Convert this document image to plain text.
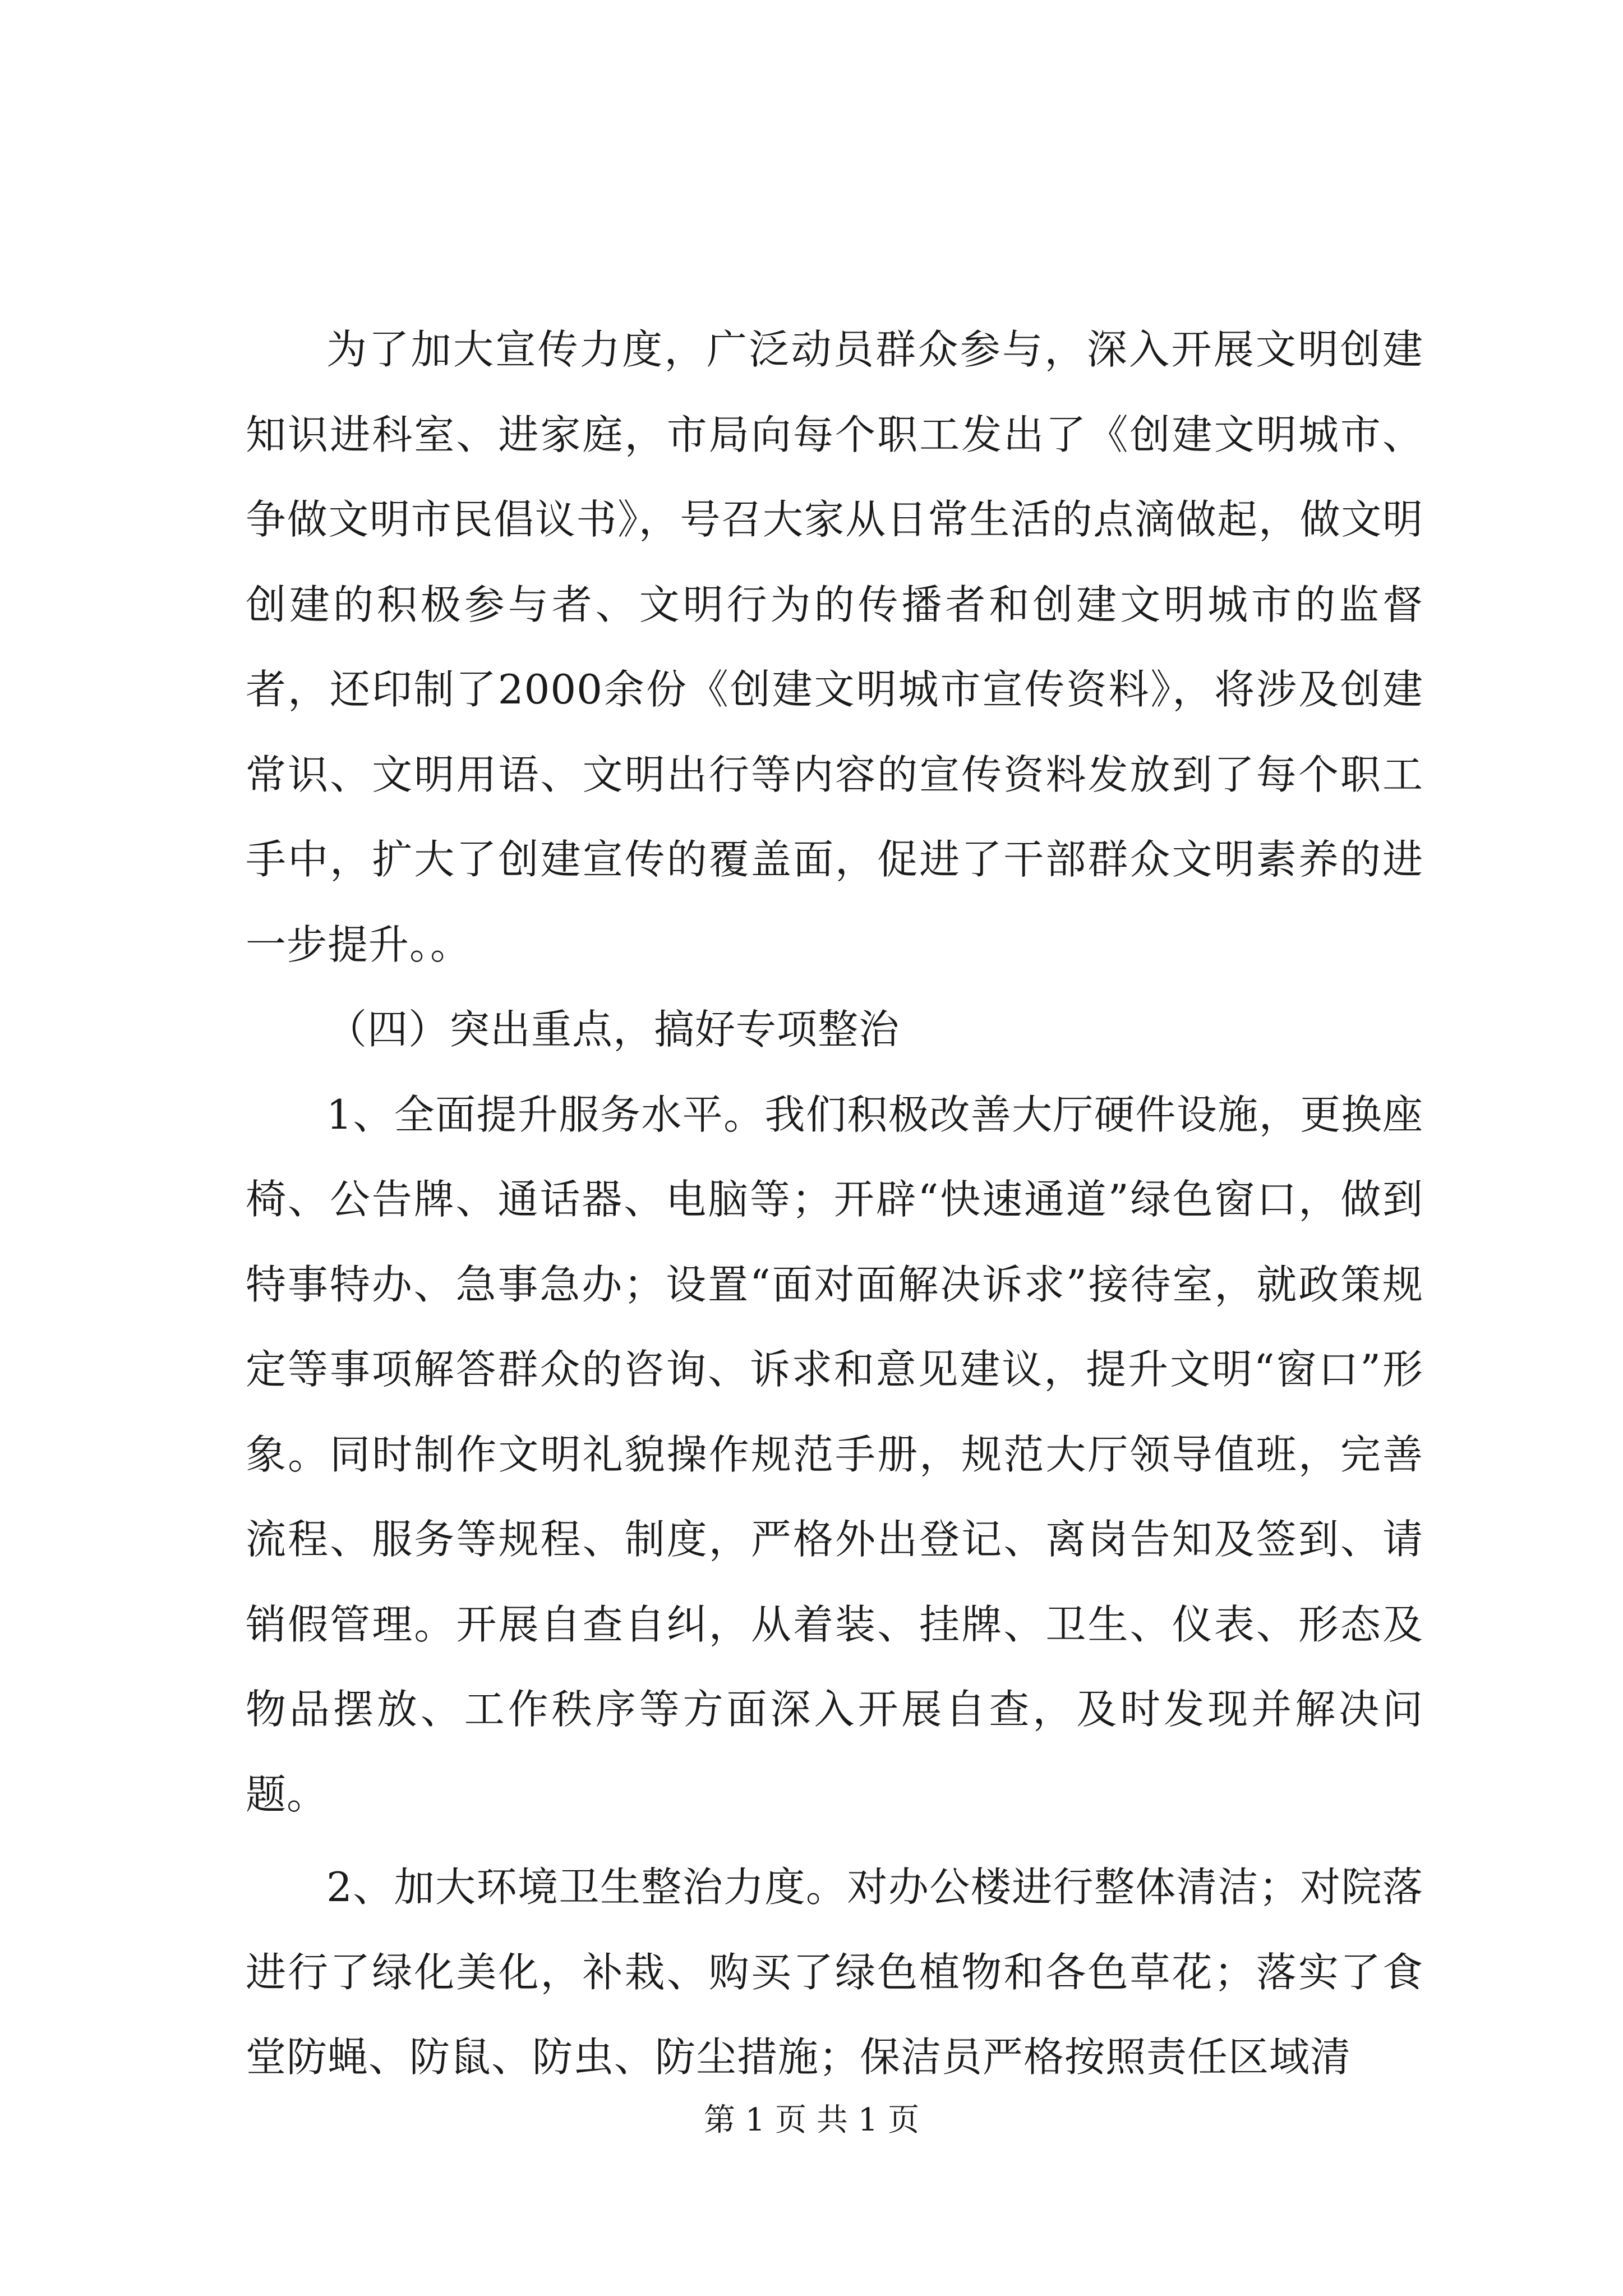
为了加大宣传力度，广泛动员群众参与，深入开展文明创建知识进科室、进家庭，市局向每个职工发出了《创建文明城市、争做文明市民倡议书》，号召大家从日常生活的点滴做起，做文明创建的积极参与者、文明行为的传播者和创建文明城市的监督者，还印制了2000余份《创建文明城市宣传资料》，将涉及创建常识、文明用语、文明出行等内容的宣传资料发放到了每个职工手中，扩大了创建宣传的覆盖面，促进了干部群众文明素养的进一步提升。。

（四）突出重点，搞好专项整治

1、全面提升服务水平。我们积极改善大厅硬件设施，更换座椅、公告牌、通话器、电脑等；开辟“快速通道”绿色窗口，做到特事特办、急事急办；设置“面对面解决诉求”接待室，就政策规定等事项解答群众的咨询、诉求和意见建议，提升文明“窗口”形象。同时制作文明礼貌操作规范手册，规范大厅领导值班，完善流程、服务等规程、制度，严格外出登记、离岗告知及签到、请销假管理。开展自查自纠，从着装、挂牌、卫生、仪表、形态及物品摆放、工作秩序等方面深入开展自查，及时发现并解决问题。

2、加大环境卫生整治力度。对办公楼进行整体清洁；对院落进行了绿化美化，补栽、购买了绿色植物和各色草花；落实了食堂防蝇、防鼠、防虫、防尘措施；保洁员严格按照责任区域清

第 1 页 共 1 页
